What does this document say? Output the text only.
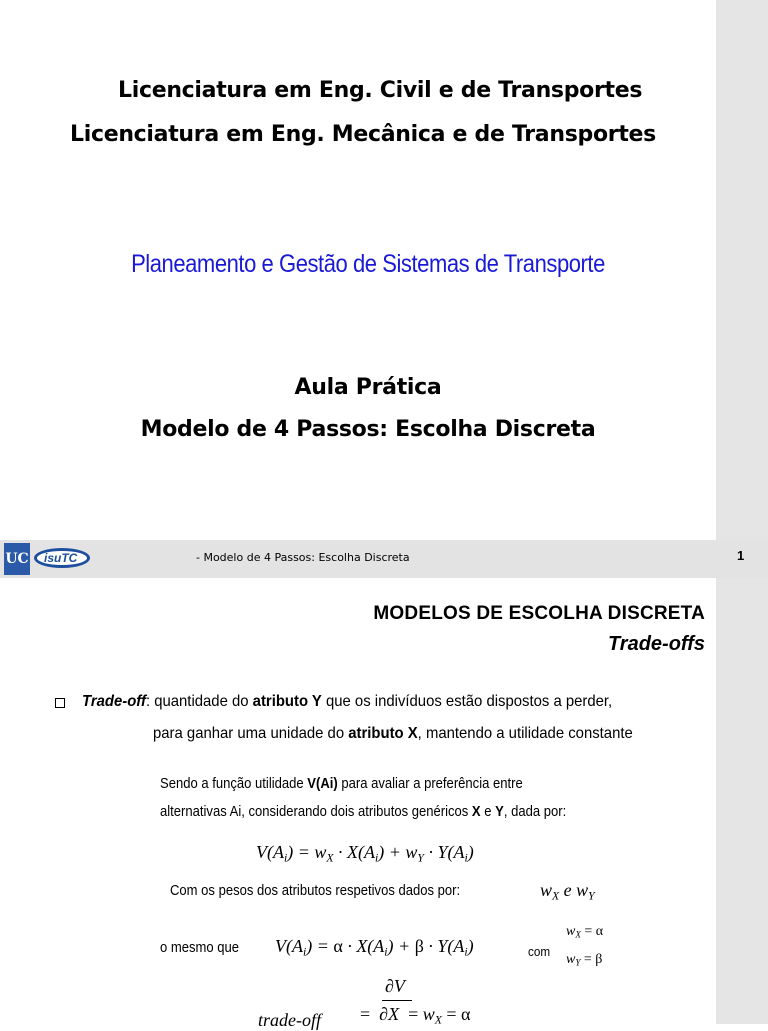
Licenciatura em Eng. Civil e de Transportes
Licenciatura em Eng. Mecânica e de Transportes
Planeamento e Gestão de Sistemas de Transporte
Aula Prática
Modelo de 4 Passos: Escolha Discreta
UC isuTC	- Modelo de 4 Passos: Escolha Discreta	1
MODELOS DE ESCOLHA DISCRETA
Trade-offs
Trade-off: quantidade do atributo Y que os indivíduos estão dispostos a perder,
para ganhar uma unidade do atributo X, mantendo a utilidade constante
Sendo a função utilidade V(Ai) para avaliar a preferência entre
alternativas Ai, considerando dois atributos genéricos X e Y, dada por:
$V(A_i) = w_X \cdot X(A_i) + w_Y \cdot Y(A_i)$
Com os pesos dos atributos respetivos dados por:	$w_X$ e $w_Y$
o mesmo que $V(A_i) = \alpha \cdot X(A_i) + \beta \cdot Y(A_i)$	com
$w_X = \alpha$
$w_Y = \beta$
∂V
trade-off = $\partial X = w_X = \alpha$
